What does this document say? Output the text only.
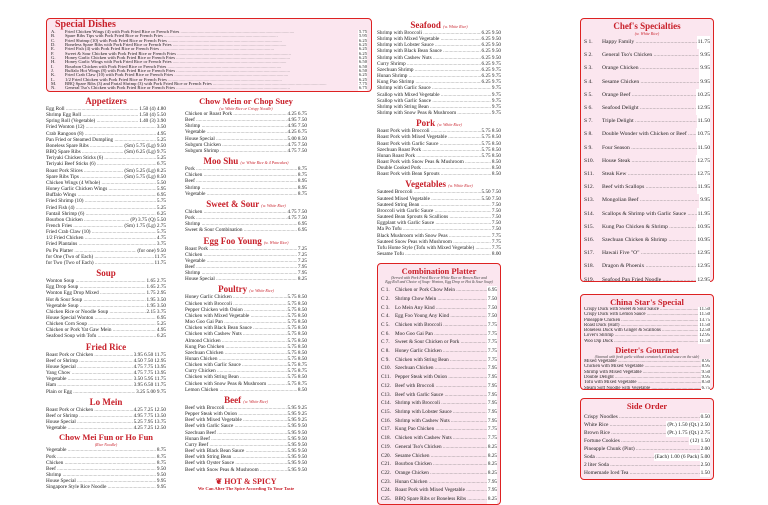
Special Dishes
A.	Fried Chicken Wings (4) with Pork Fried Rice or French Fries .....	5.75
B.	Spare Ribs Tips with Pork Fried Rice or French Fries .....	5.95
C.	Fried Shrimp (10) with Pork Fried Rice or French Fries .....	6.25
D.	Boneless Spare Ribs with Pork Fried Rice or French Fries .....	6.25
E.	Fried Fish (4) with Pork Fried Rice or French Fries .....	6.25
F.	Sweet & Sour Chicken with Pork Fried Rice or French Fries .....	6.25
G.	Honey Garlic Chicken with Pork Fried Rice or French Fries .....	6.25
H.	Honey Garlic Wings with Pork Fried Rice or French Fries .....	6.50
I.	Bourbon Chicken with Pork Fried Rice or French Fries .....	6.50
J.	Buffalo Hot Wings (8) with Pork Fried Rice or French Fries .....	6.50
K.	Fried Crab Claw (10) with Pork Fried Rice or French Fries .....	6.25
L.	1/2 Fried Chicken with Pork Fried Rice or French Fries .....	6.25
M.	BBQ Spare Ribs (3) and Parial Shrimp (3) with Pork Fried Rice or French Fries .....	7.75
N.	General Tso's Chicken with Pork Fried Rice or French Fries .....	6.75
Appetizers
Egg Roll .....	1.50 (4) 4.80
Shrimp Egg Roll .....	1.50 (4) 5.50
Spring Roll (Vegetable) .....	1.40 (3) 3.90
Fried Wonton (12) .....	3.50
Crab Rangoon (8) .....	4.95
Pan Fried or Steamed Dumpling .....	5.25
Boneless Spare Ribs .....	(Sm) 5.75 (Lg) 9.50
BBQ Spare Ribs .....	(Sm) 6.25 (Lg) 9.75
Teriyaki Chicken Sticks (6) .....	5.25
Teriyaki Beef Sticks (6) .....	6.75
Roast Pork Slices .....	(Sm) 5.25 (Lg) 8.25
Spare Ribs Tips .....	(Sm) 5.75 (Lg) 8.50
Chicken Wings (4 Whole) .....	5.50
Honey Garlic Chicken Wings .....	5.95
Buffalo Wings .....	6.95
Fried Shrimp (10) .....	5.75
Fried Fish (4) .....	5.25
Fantail Shrimp (6) .....	6.25
Bourbon Chicken .....	(P) 3.75 (Q) 5.50
French Fries .....	(Sm) 1.75 (Lg) 2.75
Fried Crab Claw (10) .....	5.75
1/2 Fried Chicken .....	4.75
Fried Plantains .....	3.75
Pu Pu Platter .....	(for one) 9.50
for One (Two of Each) .....	11.75
for Two (Two of Each) .....	11.75
Soup
Wonton Soup .....	1.65 2.75
Egg Drop Soup .....	1.65 2.75
Wonton Egg Drop Mixed .....	1.75 2.95
Hot & Sour Soup .....	1.95 3.50
Vegetable Soup .....	1.95 3.50
Chicken Rice or Noodle Soup .....	2.15 3.75
House Special Wonton .....	6.95
Chicken Corn Soup .....	5.25
Chicken or Pork Yat Gaw Mein .....	4.95
Seafood Soup with Tofu .....	6.25
Fried Rice
Roast Pork or Chicken .....	3.95 6.50 11.75
Beef or Shrimp .....	4.50 7.50 12.95
House Special .....	4.75 7.75 13.95
Yang Chow .....	4.75 7.75 13.95
Vegetable .....	3.50 5.95 11.75
Ham .....	3.95 6.50 11.75
Plain or Egg .....	3.25 5.00 9.75
Lo Mein
Roast Pork or Chicken .....	4.25 7.25 12.50
Beef or Shrimp .....	4.95 7.75 13.50
House Special .....	5.25 7.95 13.75
Vegetable .....	4.25 7.25 12.50
Chow Mei Fun or Ho Fun
(Rice Noodle)
Vegetable .....	8.75
Pork .....	8.75
Chicken .....	8.75
Beef .....	9.50
Shrimp .....	9.50
House Special .....	9.95
Singapore Style Rice Noodle .....	9.95
Chow Mein or Chop Suey
(w. White Rice or Crispy Noodle)
Chicken or Roast Pork .....	4.25 6.75
Beef .....	4.95 7.50
Shrimp .....	4.95 7.50
Vegetable .....	4.25 6.75
House Special .....	5.00 8.50
Subgum Chicken .....	4.75 7.50
Subgum Shrimp .....	4.75 7.50
Moo Shu (w. White Rice & 4 Pancakes)
Pork .....	8.75
Chicken .....	8.75
Beef .....	8.95
Shrimp .....	8.95
Vegetable .....	8.75
Sweet & Sour (w. White Rice)
Chicken .....	4.75 7.50
Pork .....	4.75 7.50
Shrimp .....	6.95
Sweet & Sour Combination .....	6.95
Egg Foo Young (w. White Rice)
Roast Pork .....	7.25
Chicken .....	7.25
Vegetable .....	7.25
Beef .....	7.95
Shrimp .....	7.95
House Special .....	8.25
Poultry (w. White Rice)
Honey Garlic Chicken .....	5.75 8.50
Chicken with Broccoli .....	5.75 8.50
Pepper Chicken with Onion .....	5.75 8.50
Chicken with Mixed Vegetable .....	5.75 8.50
Moo Goo Gai Pan .....	5.75 8.50
Chicken with Black Bean Sauce .....	5.75 8.50
Chicken with Cashew Nuts .....	5.75 8.50
Almond Chicken .....	5.75 8.50
Kung Pao Chicken .....	5.75 8.50
Szechuan Chicken .....	5.75 8.50
Hunan Chicken .....	5.75 8.50
Chicken with Garlic Sauce .....	5.75 8.75
Curry Chicken .....	5.75 8.75
Chicken with String Bean .....	5.75 8.50
Chicken with Snow Peas & Mushroom .....	5.75 8.75
Lemon Chicken .....	8.50
Beef (w. White Rice)
Beef with Broccoli .....	5.95 9.25
Pepper Steak with Onion .....	5.95 9.25
Beef with Mixed Vegetable .....	5.95 9.25
Beef with Garlic Sauce .....	5.95 9.50
Szechuan Beef .....	5.95 9.50
Hunan Beef .....	5.95 9.50
Curry Beef .....	5.95 9.50
Beef with Black Bean Sauce .....	5.95 9.50
Beef with String Bean .....	5.95 9.50
Beef with Oyster Sauce .....	5.95 9.50
Beef with Snow Peas & Mushroom .....	5.95 9.50
❦ HOT & SPICY
We Can Alter The Spice According To Your Taste
Seafood (w. White Rice)
Shrimp with Broccoli .....	6.25 9.50
Shrimp with Mixed Vegetable .....	6.25 9.50
Shrimp with Lobster Sauce .....	6.25 9.50
Shrimp with Black Bean Sauce .....	6.25 9.50
Shrimp with Cashew Nuts .....	6.25 9.50
Curry Shrimp .....	6.25 9.75
Szechuan Shrimp .....	6.25 9.75
Hunan Shrimp .....	6.25 9.75
Kung Pao Shrimp .....	6.25 9.75
Shrimp with Garlic Sauce .....	9.75
Scallop with Mixed Vegetable .....	9.75
Scallop with Garlic Sauce .....	9.75
Shrimp with String Bean .....	9.75
Shrimp with Snow Peas & Mushroom .....	9.75
Pork (w. White Rice)
Roast Pork with Broccoli .....	5.75 8.50
Roast Pork with Mixed Vegetable .....	5.75 8.50
Roast Pork with Garlic Sauce .....	5.75 8.50
Szechuan Roast Pork .....	5.75 8.50
Hunan Roast Pork .....	5.75 8.50
Roast Pork with Snow Peas & Mushroom .....	8.50
Double Cooked Pork .....	8.50
Roast Pork with Bean Sprouts .....	8.50
Vegetables (w. White Rice)
Sauteed Broccoli .....	5.50 7.50
Sauteed Mixed Vegetable .....	5.50 7.50
Sauteed String Bean .....	7.50
Broccoli with Garlic Sauce .....	7.50
Sauteed Bean Sprouts & Scallions .....	7.50
Eggplant with Garlic Sauce .....	7.50
Ma Po Tofu .....	7.50
Black Mushroom with Snow Peas .....	7.75
Sauteed Snow Peas with Mushroom .....	7.75
Tofu Home Style (Tofu with Mixed Vegetable) .....	7.75
Sesame Tofu .....	8.00
Combination Platter
(Served with Pork Fried Rice or White Rice or Brown Rice and
Egg Roll and Choice of Soup: Wonton, Egg Drop or Hot & Sour Soup)
C 1.	Chicken or Pork Chow Mein .....	6.95
C 2.	Shrimp Chow Mein .....	7.50
C 3.	Lo Mein Any Kind .....	7.50
C 4.	Egg Foo Young Any Kind .....	7.50
C 5.	Chicken with Broccoli .....	7.75
C 6.	Moo Goo Gai Pan .....	7.75
C 7.	Sweet & Sour Chicken or Pork .....	7.75
C 8.	Honey Garlic Chicken .....	7.75
C 9.	Chicken with String Bean .....	7.75
C10. Szechuan Chicken .....	7.95
C11. Pepper Steak with Onion .....	7.95
C12. Beef with Broccoli .....	7.95
C13. Beef with Garlic Sauce .....	7.95
C14. Shrimp with Broccoli .....	7.95
C15. Shrimp with Lobster Sauce .....	7.95
C16. Shrimp with Cashew Nuts .....	7.95
C17. Kung Pao Chicken .....	7.75
C18. Chicken with Cashew Nuts .....	7.75
C19. General Tso's Chicken .....	8.25
C20. Sesame Chicken .....	8.25
C21. Bourbon Chicken .....	8.25
C22. Orange Chicken .....	8.25
C23. Hunan Chicken .....	7.95
C24. Roast Pork with Mixed Vegetable .....	7.95
C25. BBQ Spare Ribs or Boneless Ribs .....	8.25
Chef's Specialties
(w. White Rice)
S 1.	Happy Family .....	11.75
S 2.	General Tso's Chicken .....	9.95
S 3.	Orange Chicken .....	9.95
S 4.	Sesame Chicken .....	9.95
S 5.	Orange Beef .....	10.25
S 6.	Seafood Delight .....	12.95
S 7.	Triple Delight .....	11.50
S 8.	Double Wonder with Chicken or Beef .....	10.75
S 9.	Four Season .....	11.50
S10.	House Steak .....	12.75
S11.	Steak Kew .....	12.75
S12.	Beef with Scallops .....	11.95
S13.	Mongolian Beef .....	9.95
S14.	Scallops & Shrimp with Garlic Sauce .....	11.95
S15.	Kung Pao Chicken & Shrimp .....	10.95
S16.	Szechuan Chicken & Shrimp .....	10.95
S17.	Hawaii Five "O" .....	12.95
S18.	Dragon & Phoenix .....	12.95
S19.	Seafood Pan Fried Noodle .....	12.95
China Star's Special
Crispy Duck with Sweet & Sour Sauce .....	11.50
Crispy Duck with Lemon Sauce .....	11.50
Pineapple Chicken .....	13.75
Roast Duck (Half) .....	11.50
Boneless Duck with Ginger & Scallions .....	12.50
Lover's Shrimp .....	12.95
Woo Dip Duck .....	11.50
Dieter's Gourmet
(Steamed with fresh garlic without cornstarch, oil and sauce on the side)
Mixed Vegetable .....	8.95
Chicken with Mixed Vegetable .....	8.95
Shrimp with Mixed Vegetable .....	9.50
Double Delight .....	9.95
Tofu with Mixed Vegetable .....	8.50
Steam Soft Noodle with Vegetable .....	6.75
Side Order
Crispy Noodles .....	0.50
White Rice .....	(Pt.) 1.50 (Qt.) 2.50
Brown Rice .....	(Pt.) 1.75 (Qt.) 2.75
Fortune Cookies .....	(12) 1.50
Pineapple Chunk (Pint) .....	2.00
Soda .....	(Each) 1.00 (6 Pack) 5.00
2 liter Soda .....	2.50
Homemade Iced Tea .....	1.50
